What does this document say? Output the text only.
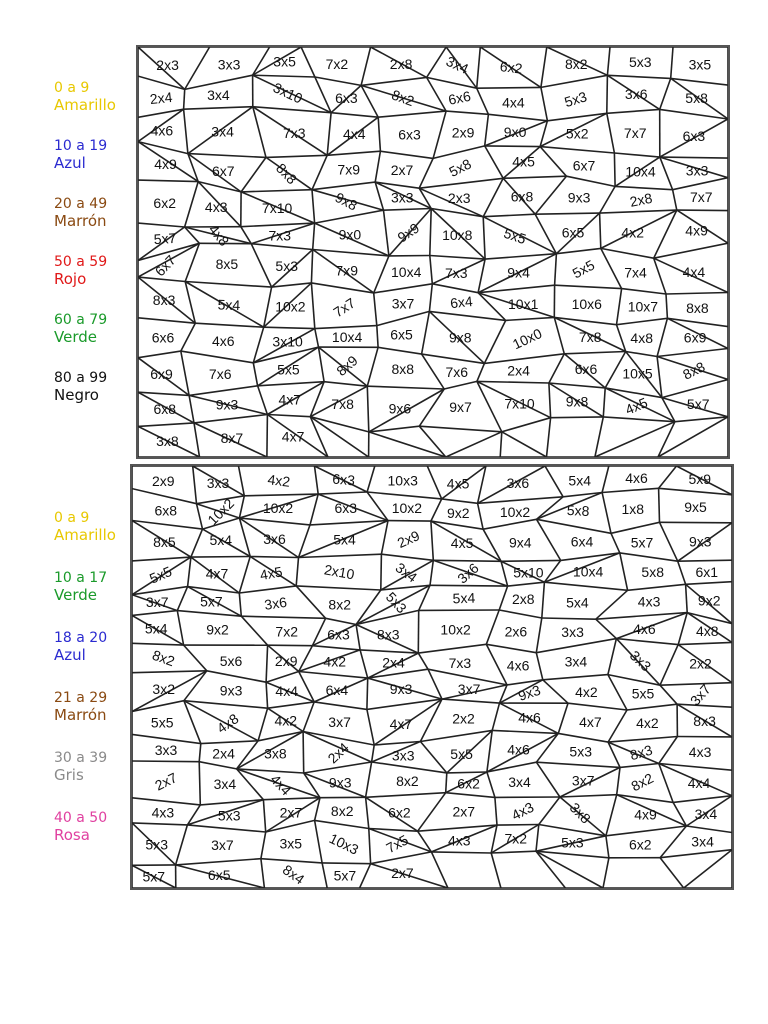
0 a 9
Amarillo
10 a 19
Azul
20 a 49
Marrón
50 a 59
Rojo
60 a 79
Verde
80 a 99
Negro
2x3	3x3 3x5 7x2	2x8 3x4 6x2	8x2	5x3	3x5
2x4 3x4	3x10 6x3 8x2 6x6 4x4	5x3	3x6	5x8
4x6	3x4	7x3	4x4 6x3 2x9 9x0	5x2	7x7	6x3
4x9	6x7	8x8	7x9 2x7 5x8	4x5	6x7 10x4 3x3
6x2 4x3 7x10	9x8 3x3 2x3	6x8 9x3	2x8	7x7
5x7 4x8	7x3	9x0 9x9 10x8 5x5 6x5	4x2	4x9
6x7	8x5	5x3	7x9 10x4 7x3	9x4	5x5 7x4	4x4
8x3	5x4 10x2 7x7 3x7	6x4 10x1 10x6 10x7 8x8
6x6	4x6	3x10 10x4 6x5	9x8	10x0 7x8 4x8 6x9
6x9	7x6	5x5 8x9 8x8 7x6	2x4	6x6 10x5 8x8
6x8	9x3	4x7 7x8 9x6	9x7 7x10 9x8 4x5	5x7
3x8	8x7	4x7
0 a 9
Amarillo
10 a 17
Verde
18 a 20
Azul
21 a 29
Marrón
30 a 39
Gris
40 a 50
Rosa
2x9 3x3	4x2	6x3 10x3 4x5	3x6	5x4 4x6	5x9
6x8 10x2 10x2	6x3 10x2 9x2 10x2	5x8 1x8	9x5
8x5 5x4 3x6	5x4	2x9 4x5	9x4	6x4	5x7	9x3
5x5 4x7 4x5	2x10	3x4 3x6 5x10 10x4	5x8 6x1
3x7 5x7	3x6	8x2 5x3	5x4	2x8 5x4	4x3	9x2
5x4	9x2	7x2 6x3 8x3	10x2 2x6 3x3	4x6	4x8
8x2	5x6 2x9 4x2	2x4	7x3	4x6	3x4	3x3 2x2
3x2	9x3 4x4 6x4	9x3	3x7	9x3 4x2 5x5 3x7
5x5	4x8 4x2 3x7	4x7	2x2	4x6	4x7 4x2 8x3
3x3	2x4 3x8	2x4	3x3	5x5 4x6	5x3	8x3 4x3
2x7 3x4 4x4 9x3	8x2	6x2 3x4	3x7 8x2 4x4
4x3	5x3	2x7 8x2 6x2	2x7 4x3 3x8	4x9	3x4
5x3	3x7	3x5 10x3 7x5	4x3 7x2 5x3	6x2	3x4
5x7	6x5	8x4 5x7 2x7
